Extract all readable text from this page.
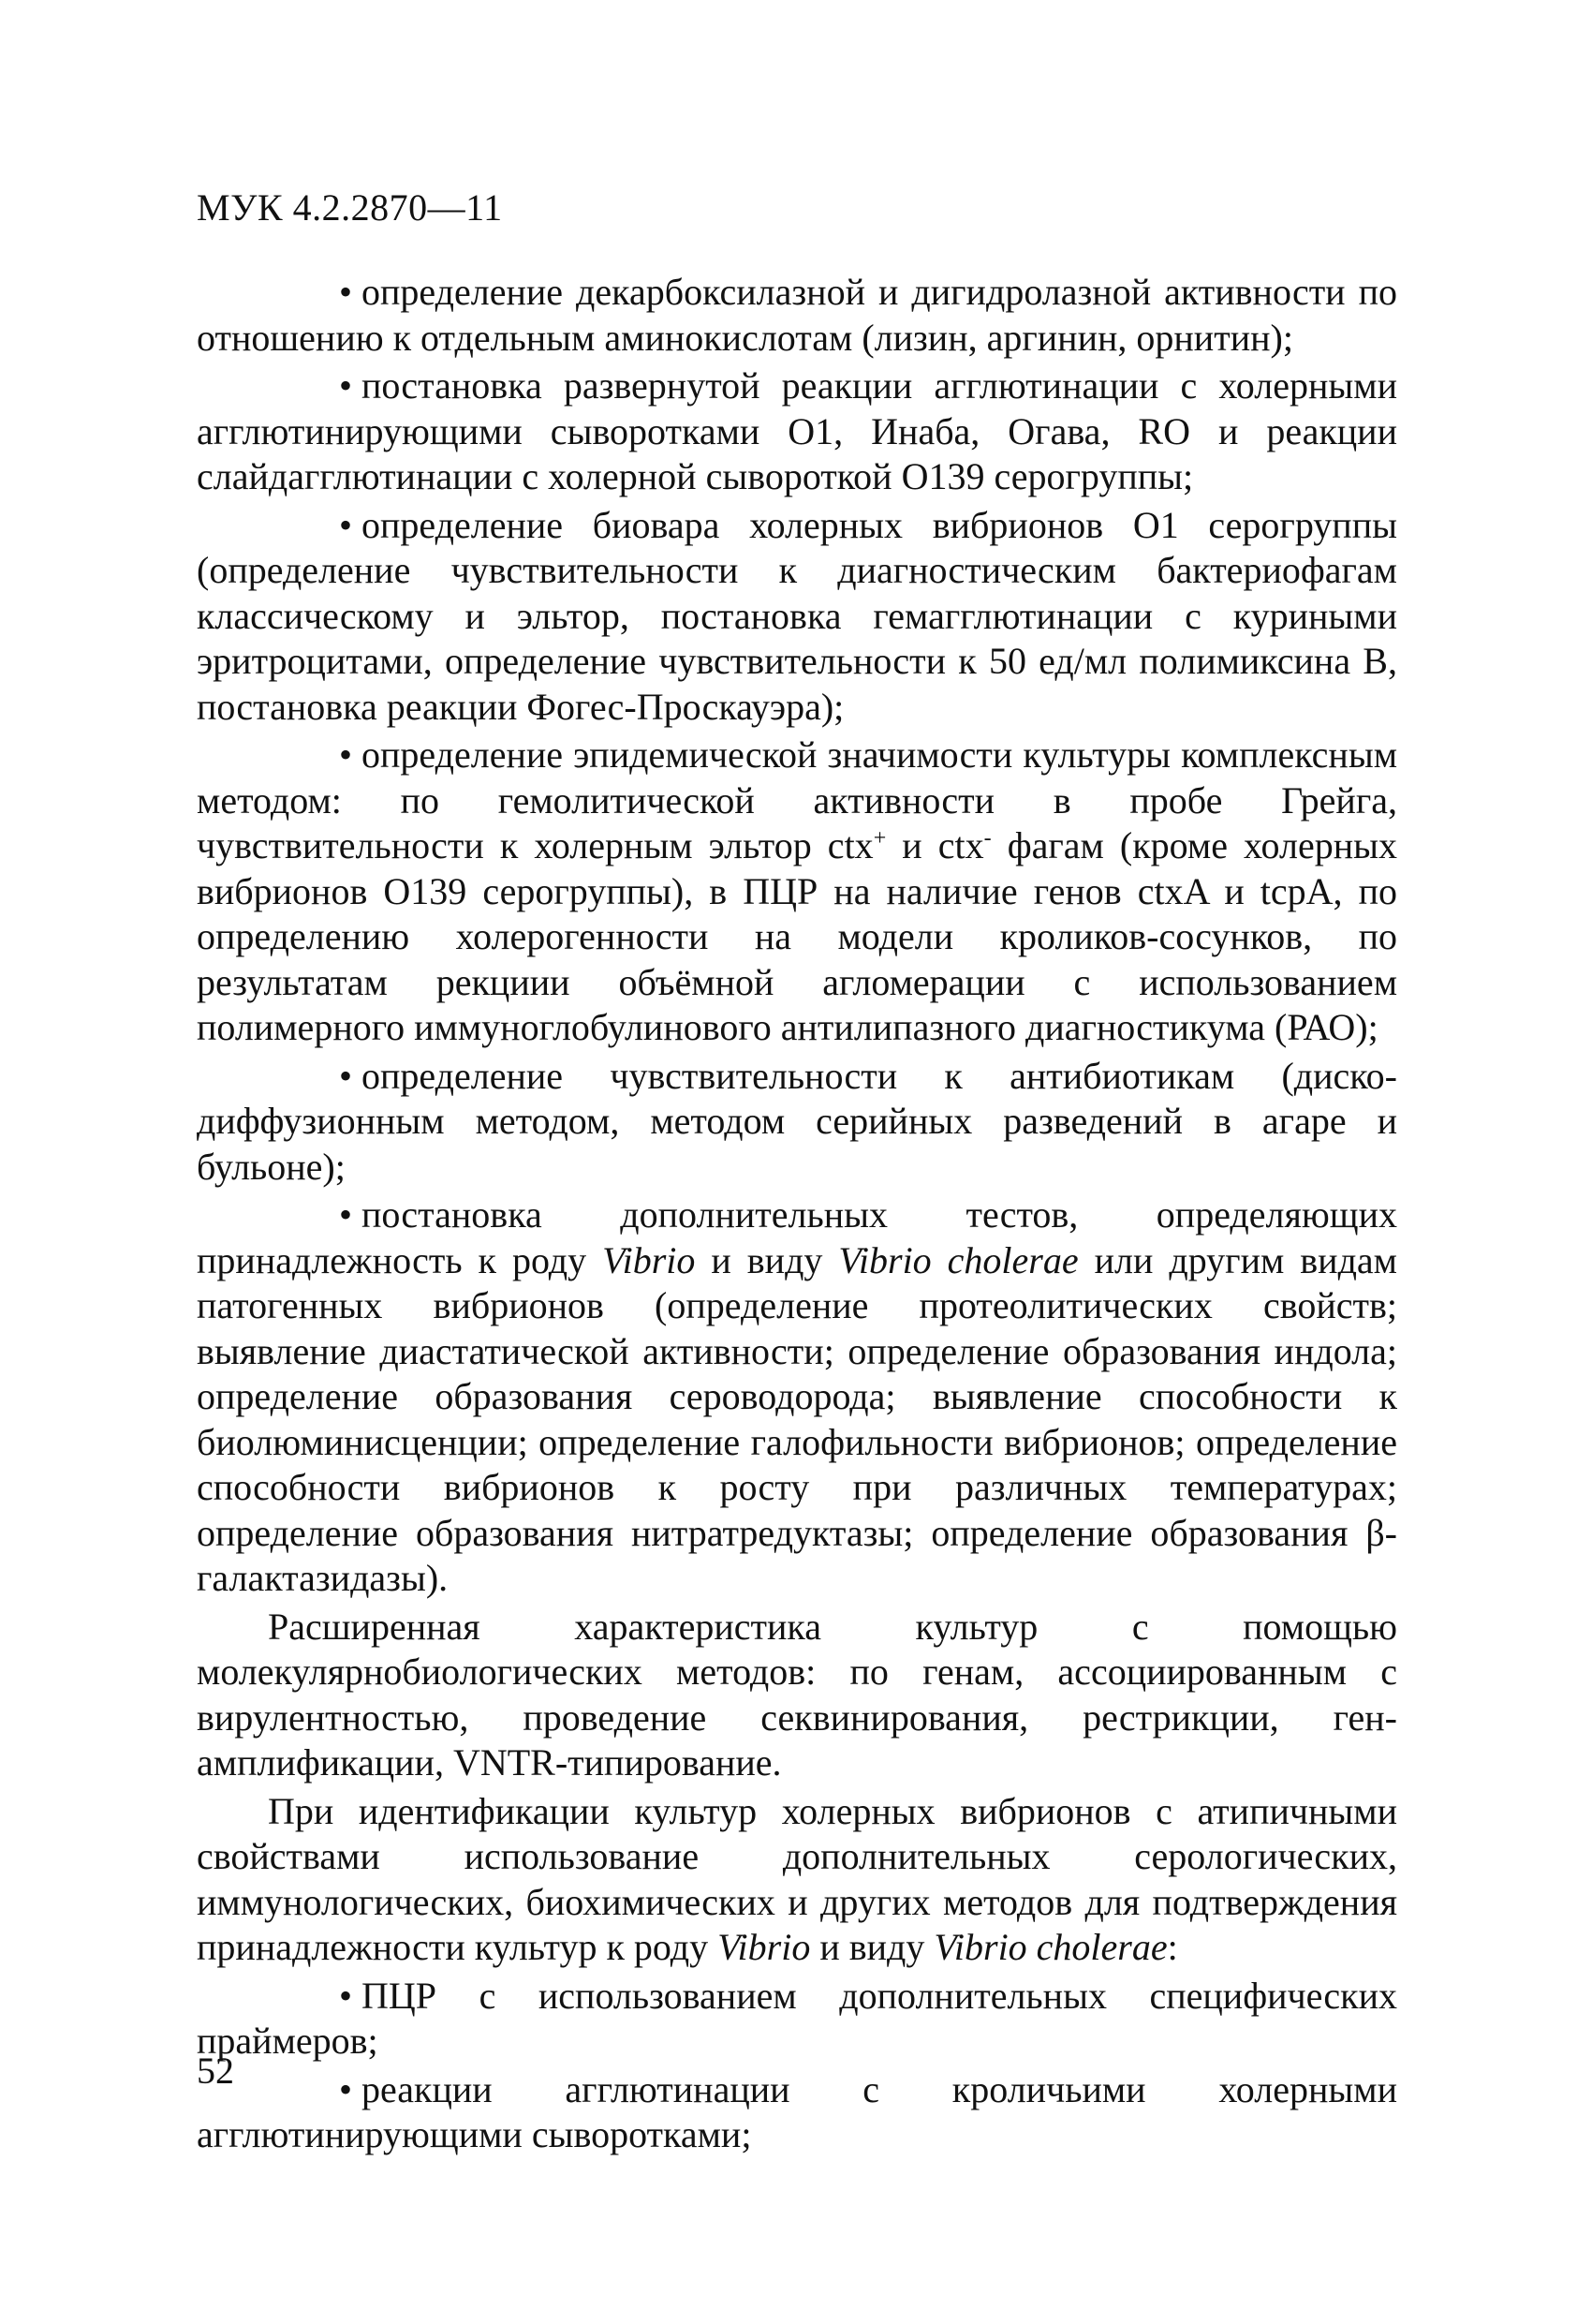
МУК 4.2.2870—11

• определение декарбоксилазной и дигидролазной активности по отношению к отдельным аминокислотам (лизин, аргинин, орнитин);

• постановка развернутой реакции агглютинации с холерными агглютинирующими сыворотками О1, Инаба, Огава, RO и реакции слайдагглютинации с холерной сывороткой О139 серогруппы;

• определение биовара холерных вибрионов О1 серогруппы (определение чувствительности к диагностическим бактериофагам классическому и эльтор, постановка гемагглютинации с куриными эритроцитами, определение чувствительности к 50 ед/мл полимиксина В, постановка реакции Фогес-Проскауэра);

• определение эпидемической значимости культуры комплексным методом: по гемолитической активности в пробе Грейга, чувствительности к холерным эльтор ctx+ и ctx- фагам (кроме холерных вибрионов О139 серогруппы), в ПЦР на наличие генов ctxA и tcpA, по определению холерогенности на модели кроликов-сосунков, по результатам рекциии объёмной агломерации с использованием полимерного иммуноглобулинового антилипазного диагностикума (РАО);

• определение чувствительности к антибиотикам (диско-диффузионным методом, методом серийных разведений в агаре и бульоне);

• постановка дополнительных тестов, определяющих принадлежность к роду Vibrio и виду Vibrio cholerae или другим видам патогенных вибрионов (определение протеолитических свойств; выявление диастатической активности; определение образования индола; определение образования сероводорода; выявление способности к биолюминисценции; определение галофильности вибрионов; определение способности вибрионов к росту при различных температурах; определение образования нитратредуктазы; определение образования β-галактазидазы).

Расширенная характеристика культур с помощью молекулярнобиологических методов: по генам, ассоциированным с вирулентностью, проведение секвинирования, рестрикции, ген-амплификации, VNTR-типирование.

При идентификации культур холерных вибрионов с атипичными свойствами использование дополнительных серологических, иммунологических, биохимических и других методов для подтверждения принадлежности культур к роду Vibrio и виду Vibrio cholerae:

• ПЦР с использованием дополнительных специфических праймеров;

• реакции агглютинации с кроличьими холерными агглютинирующими сыворотками;

52
